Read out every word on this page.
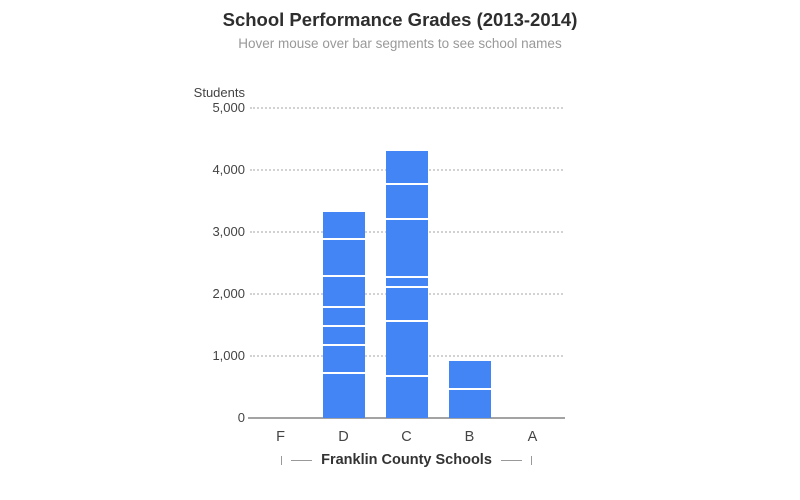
School Performance Grades (2013-2014)
Hover mouse over bar segments to see school names
Students
0
1,000
2,000
3,000
4,000
5,000
F	D	C	B	A
Franklin County Schools
